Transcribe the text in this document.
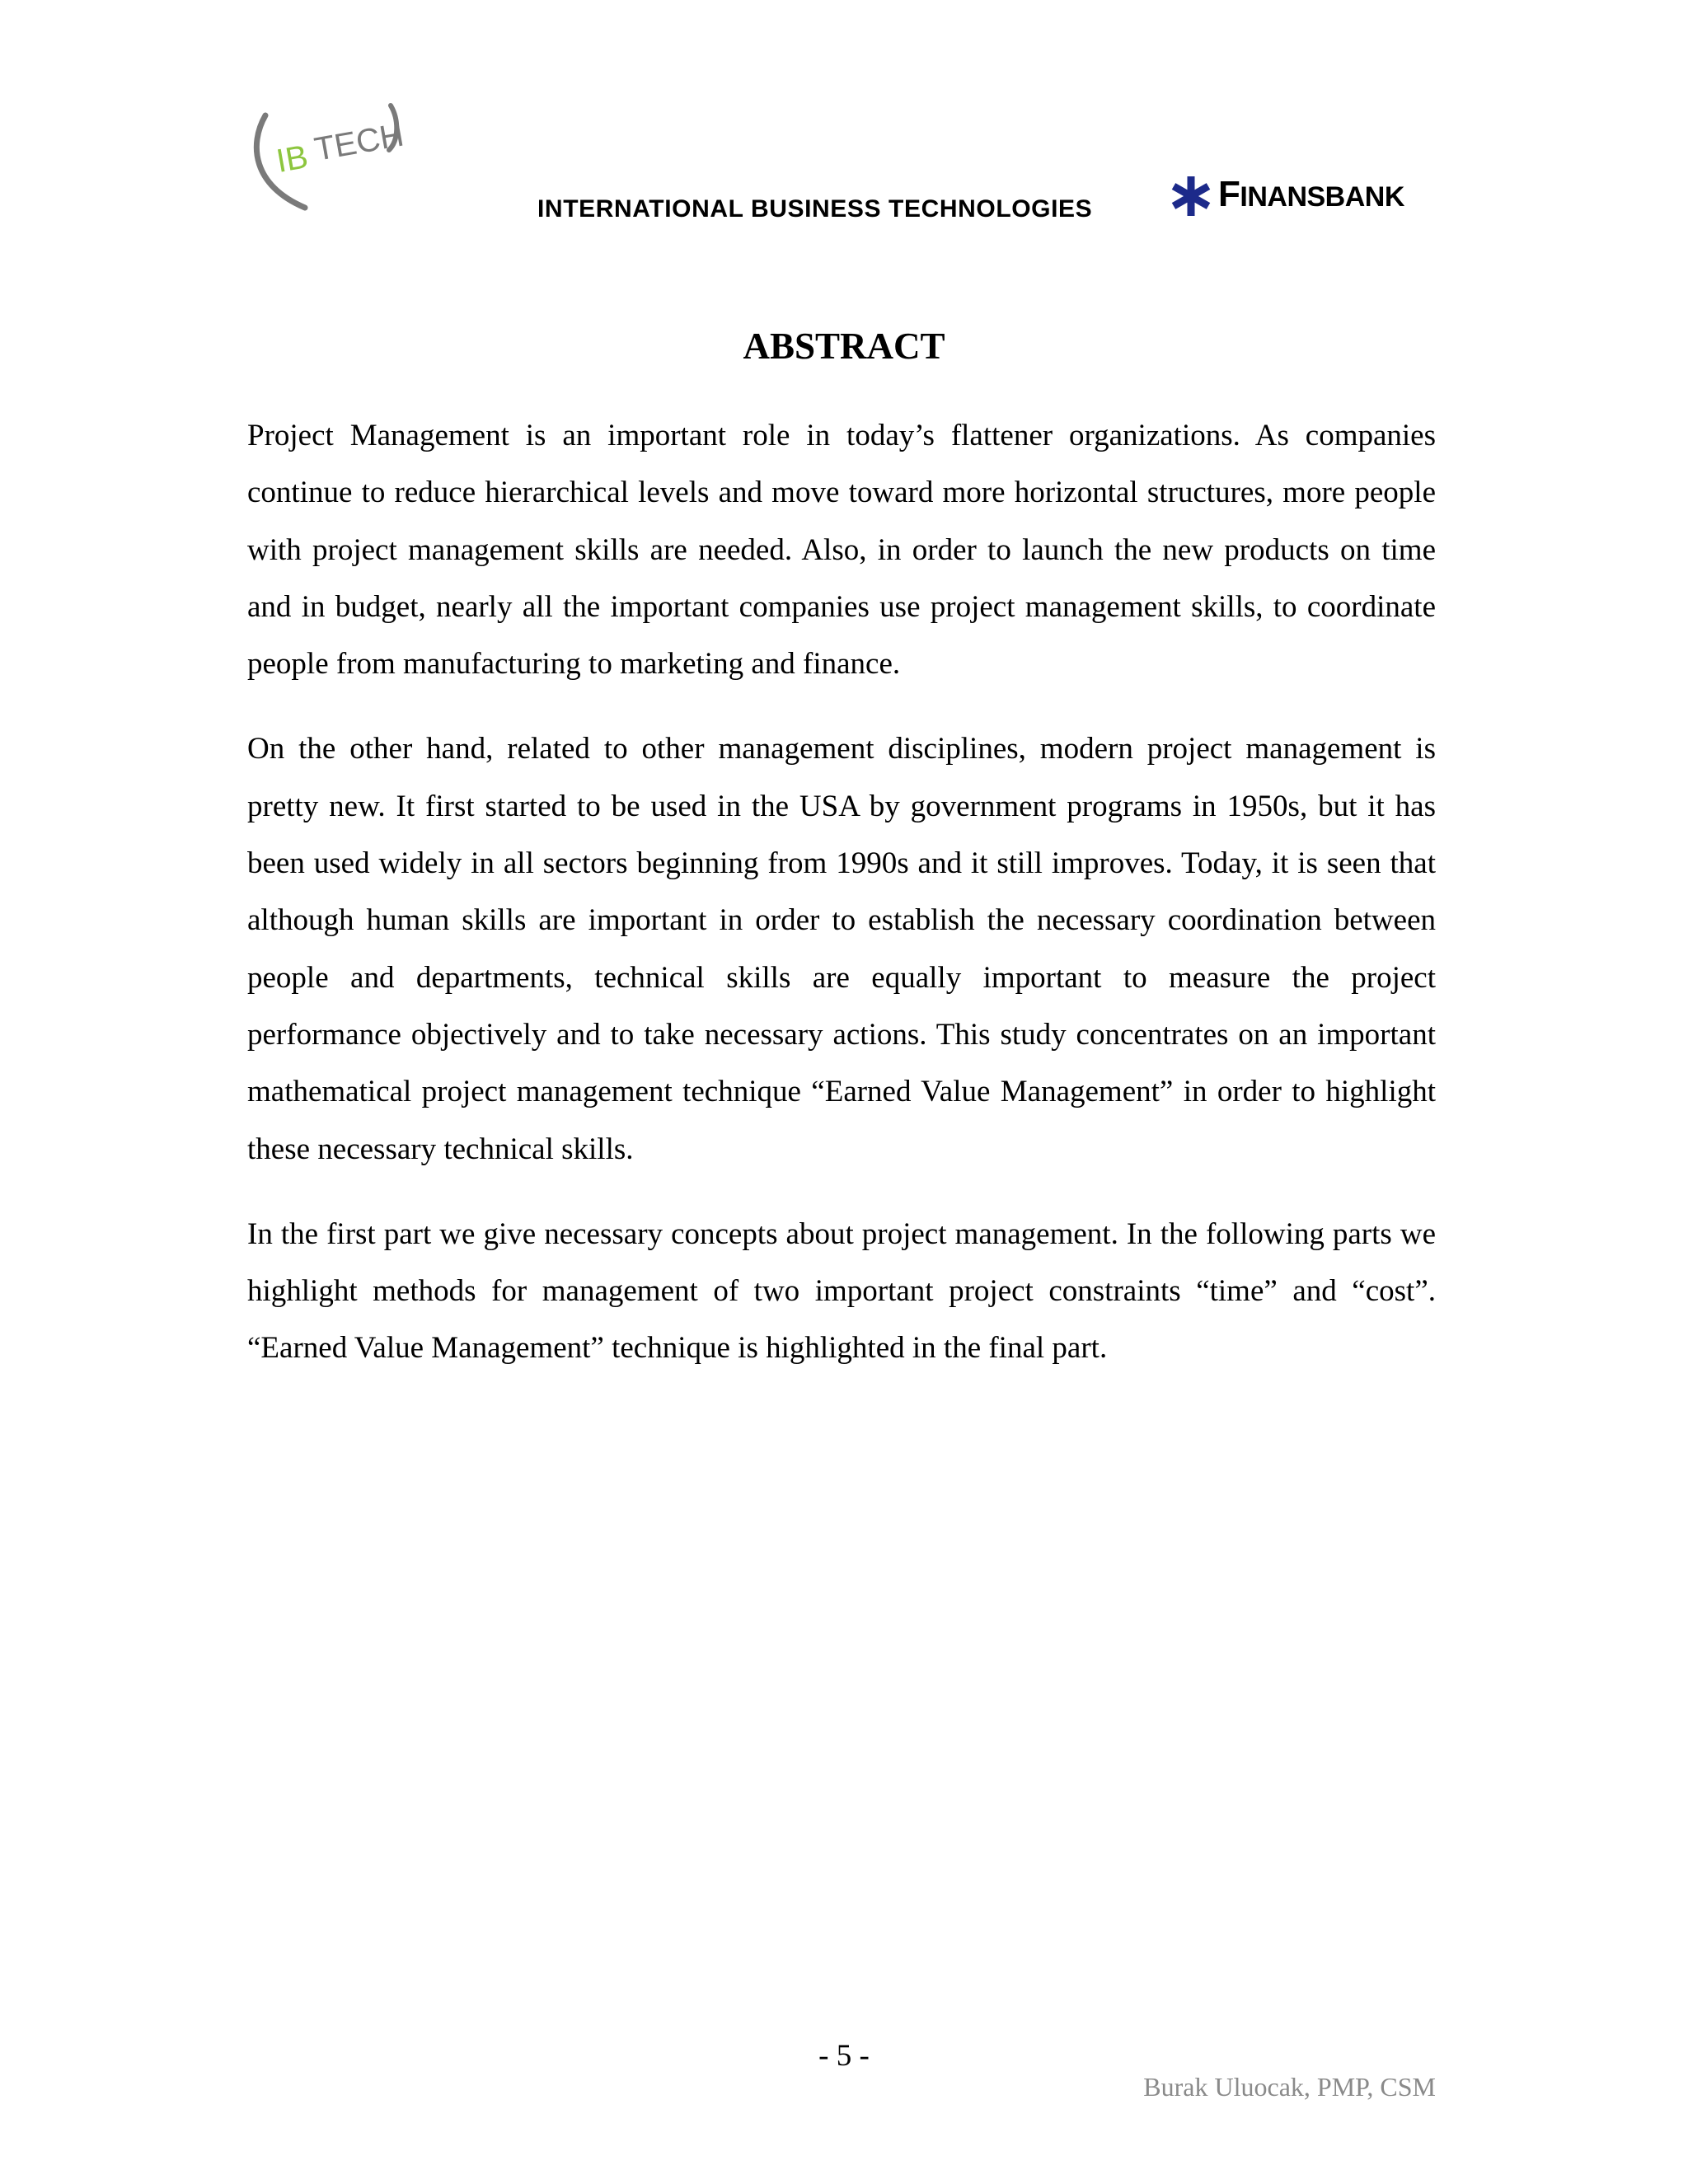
IB TECH
INTERNATIONAL BUSINESS TECHNOLOGIES	FINANSBANK
ABSTRACT

Project Management is an important role in today’s flattener organizations. As companies continue to reduce hierarchical levels and move toward more horizontal structures, more people with project management skills are needed. Also, in order to launch the new products on time and in budget, nearly all the important companies use project management skills, to coordinate people from manufacturing to marketing and finance.

On the other hand, related to other management disciplines, modern project management is pretty new. It first started to be used in the USA by government programs in 1950s, but it has been used widely in all sectors beginning from 1990s and it still improves. Today, it is seen that although human skills are important in order to establish the necessary coordination between people and departments, technical skills are equally important to measure the project performance objectively and to take necessary actions. This study concentrates on an important mathematical project management technique “Earned Value Management” in order to highlight these necessary technical skills.

In the first part we give necessary concepts about project management. In the following parts we highlight methods for management of two important project constraints “time” and “cost”. “Earned Value Management” technique is highlighted in the final part.

- 5 -
Burak Uluocak, PMP, CSM
